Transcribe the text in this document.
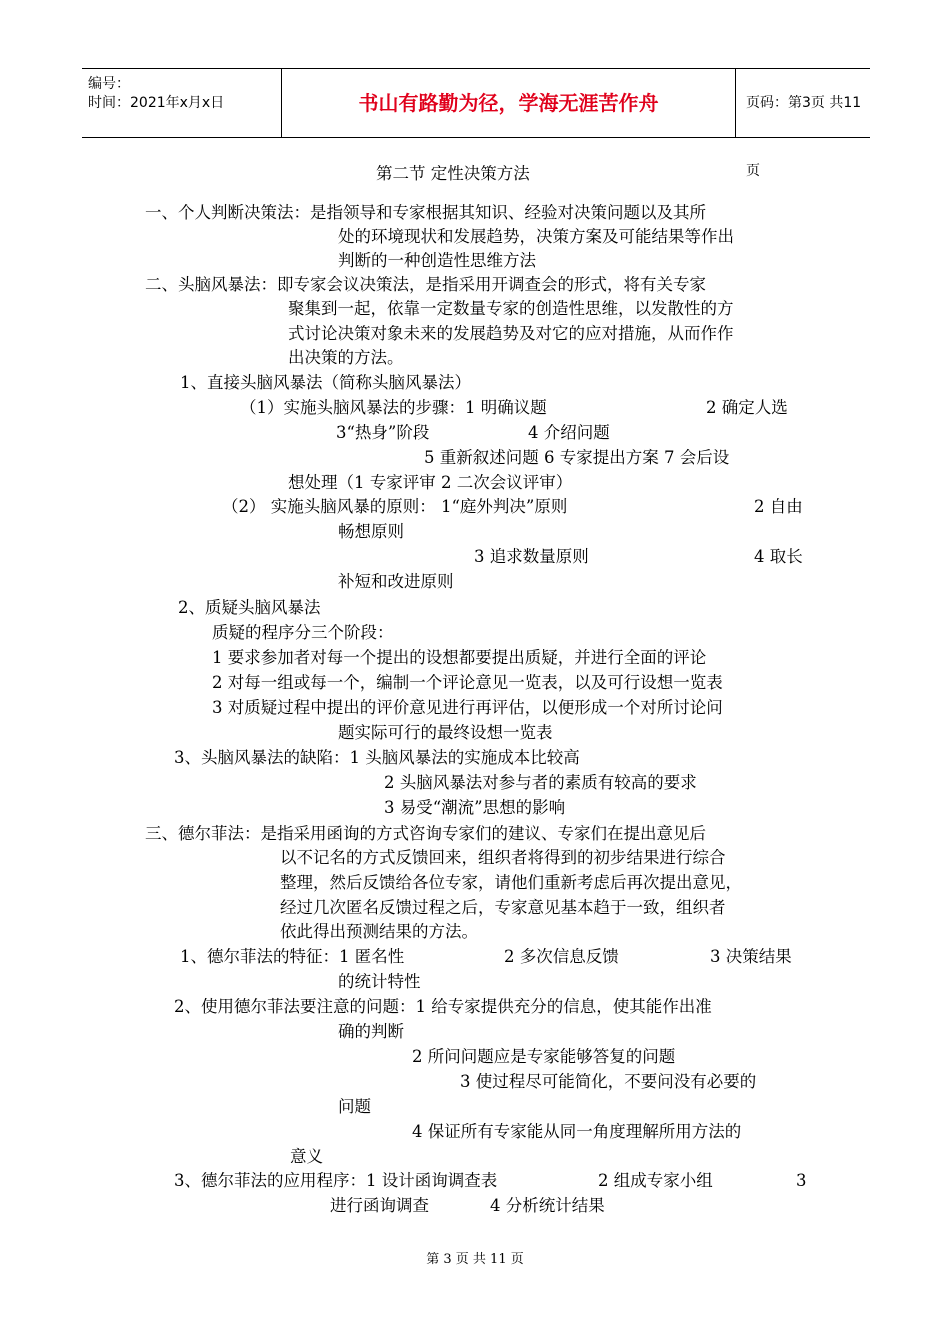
编号：
时间：2021年x月x日	书山有路勤为径，学海无涯苦作舟	页码：第3页 共11页
第二节 定性决策方法
一、个人判断决策法：是指领导和专家根据其知识、经验对决策问题以及其所
处的环境现状和发展趋势，决策方案及可能结果等作出
判断的一种创造性思维方法
二、头脑风暴法：即专家会议决策法，是指采用开调查会的形式，将有关专家
聚集到一起，依靠一定数量专家的创造性思维，以发散性的方
式讨论决策对象未来的发展趋势及对它的应对措施，从而作作
出决策的方法。
1、直接头脑风暴法（简称头脑风暴法）
（1）实施头脑风暴法的步骤：1 明确议题	2 确定人选
3“热身”阶段	4 介绍问题
5 重新叙述问题 6 专家提出方案 7 会后设
想处理（1 专家评审 2 二次会议评审）
（2） 实施头脑风暴的原则： 1“庭外判决”原则	2 自由
畅想原则
3 追求数量原则	4 取长
补短和改进原则
2、质疑头脑风暴法
质疑的程序分三个阶段：
1 要求参加者对每一个提出的设想都要提出质疑，并进行全面的评论
2 对每一组或每一个，编制一个评论意见一览表，以及可行设想一览表
3 对质疑过程中提出的评价意见进行再评估，以便形成一个对所讨论问
题实际可行的最终设想一览表
3、头脑风暴法的缺陷：1 头脑风暴法的实施成本比较高
2 头脑风暴法对参与者的素质有较高的要求
3 易受“潮流”思想的影响
三、德尔菲法：是指采用函询的方式咨询专家们的建议、专家们在提出意见后
以不记名的方式反馈回来，组织者将得到的初步结果进行综合
整理，然后反馈给各位专家，请他们重新考虑后再次提出意见，
经过几次匿名反馈过程之后，专家意见基本趋于一致，组织者
依此得出预测结果的方法。
1、德尔菲法的特征：1 匿名性	2 多次信息反馈	3 决策结果
的统计特性
2、使用德尔菲法要注意的问题：1 给专家提供充分的信息，使其能作出准
确的判断
2 所问问题应是专家能够答复的问题
3 使过程尽可能简化，不要问没有必要的
问题
4 保证所有专家能从同一角度理解所用方法的
意义
3、德尔菲法的应用程序：1 设计函询调查表	2 组成专家小组	3
进行函询调查	4 分析统计结果
第 3 页 共 11 页
